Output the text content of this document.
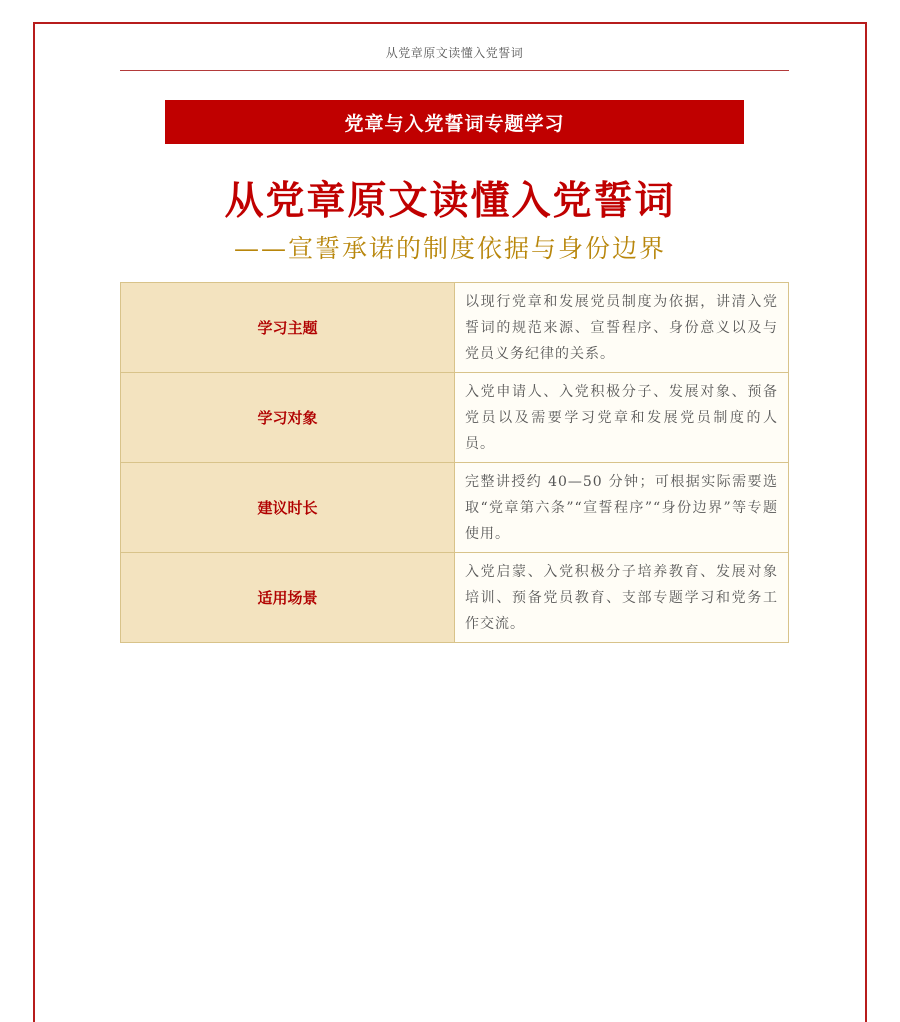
从党章原文读懂入党誓词
党章与入党誓词专题学习
从党章原文读懂入党誓词
——宣誓承诺的制度依据与身份边界
学习主题	以现行党章和发展党员制度为依据，讲清入党誓词的规范来源、宣誓程序、身份意义以及与党员义务纪律的关系。
学习对象	入党申请人、入党积极分子、发展对象、预备党员以及需要学习党章和发展党员制度的人员。
建议时长	完整讲授约 40—50 分钟；可根据实际需要选取“党章第六条”“宣誓程序”“身份边界”等专题使用。
适用场景	入党启蒙、入党积极分子培养教育、发展对象培训、预备党员教育、支部专题学习和党务工作交流。
